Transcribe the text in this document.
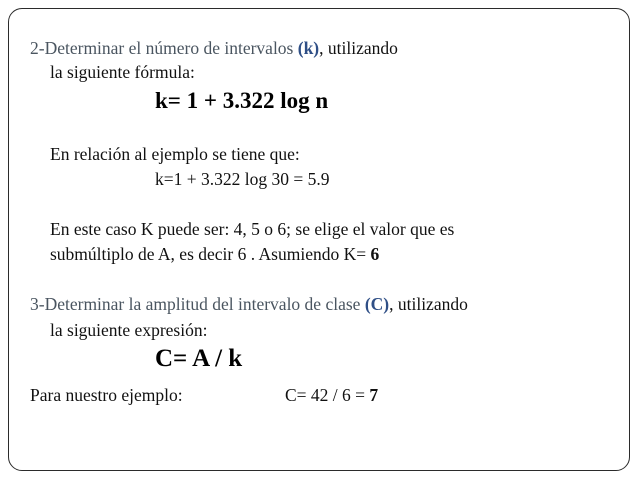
2-Determinar el número de intervalos (k), utilizando
la siguiente fórmula:
k= 1 + 3.322 log n
En relación al ejemplo se tiene que:
k=1 + 3.322 log 30 = 5.9
En este caso K puede ser: 4, 5 o 6; se elige el valor que es
submúltiplo de A, es decir 6 . Asumiendo K= 6
3-Determinar la amplitud del intervalo de clase (C), utilizando
la siguiente expresión:
C= A / k
Para nuestro ejemplo:	C= 42 / 6 = 7
